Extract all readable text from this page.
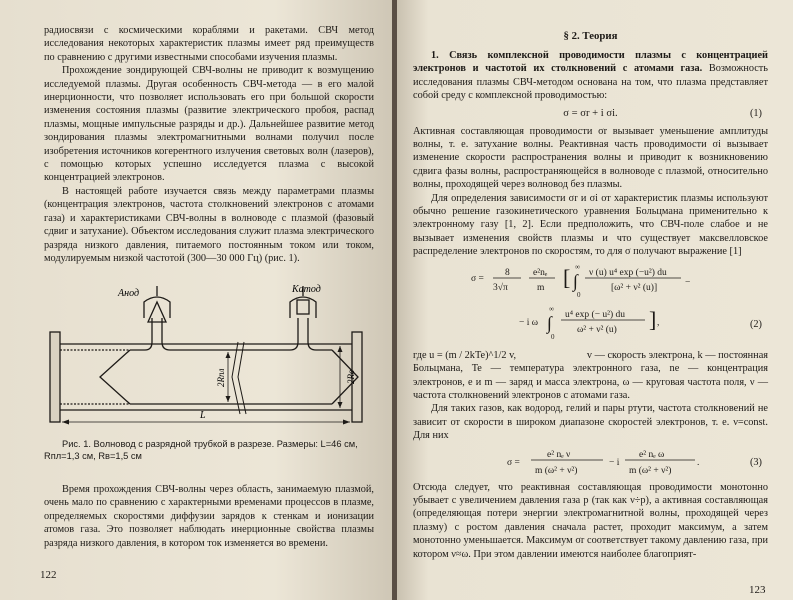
радиосвязи с космическими кораблями и ракетами. СВЧ метод исследования некоторых характеристик плазмы имеет ряд преимуществ по сравнению с другими известными способами изучения плазмы.

Прохождение зондирующей СВЧ-волны не приводит к возмущению исследуемой плазмы. Другая особенность СВЧ-метода — в его малой инерционности, что позволяет использовать его при большой скорости изменения состояния плазмы (развитие электрического пробоя, распад плазмы, мощные импульсные разряды и др.). Дальнейшее развитие метод зондирования плазмы электромагнитными волнами получил после изобретения источников когерентного излучения световых волн (лазеров), с помощью которых успешно исследуется плазма с высокой концентрацией электронов.

В настоящей работе изучается связь между параметрами плазмы (концентрация электронов, частота столкновений электронов с атомами газа) и характеристиками СВЧ-волны в волноводе с плазмой (фазовый сдвиг и затухание). Объектом исследования служит плазма электрического разряда низкого давления, питаемого постоянным током или током, модулируемым низкой частотой (300—30 000 Гц) (рис. 1).

Анод	Катод
2Rпл	2Rв
L

Рис. 1. Волновод с разрядной трубкой в разрезе. Размеры: L=46 см,

Rпл=1,3 см, Rв=1,5 см

Время прохождения СВЧ-волны через область, занимаемую плазмой, очень мало по сравнению с характерными временами процессов в плазме, определяемых скоростями диффузии зарядов к стенкам и ионизации атомов газа. Это позволяет наблюдать инерционные свойства плазмы разряда низкого давления, в котором ток изменяется во времени.

122

§ 2. Теория

1. Связь комплексной проводимости плазмы с концентрацией электронов и частотой их столкновений с атомами газа. Возможность исследования плазмы СВЧ-методом основана на том, что плазма представляет собой среду с комплексной проводимостью:

σ = σr + i σi.	(1)

Активная составляющая проводимости σr вызывает уменьшение амплитуды волны, т. е. затухание волны. Реактивная часть проводимости σi вызывает изменение скорости распространения волны и приводит к возникновению сдвига фазы волны, распространяющейся в волноводе с плазмой, относительно волны, проходящей через волновод без плазмы.

Для определения зависимости σr и σi от характеристик плазмы используют обычно решение газокинетического уравнения Больцмана применительно к электронному газу [1, 2]. Если предположить, что СВЧ-поле слабое и не вызывает изменения свойств плазмы и что существует максвелловское распределение электронов по скоростям, то для σ получают выражение [1]

σ =
8
3√π
e²nₑ
m [ ∫
∞
0
ν (u) u⁴ exp (−u²) du
[ω² + ν² (u)]	−
− i ω ∫
∞
0
u⁴ exp (− u²) du
ω² + ν² (u) ] ,	(2)

где u = (m / 2kTe)^1/2 v,	v — скорость электрона, k — постоянная

Больцмана, Te — температура электронного газа, ne — концентрация электронов, e и m — заряд и масса электрона, ω — круговая частота поля, ν — частота столкновений электронов с атомами газа.

Для таких газов, как водород, гелий и пары ртути, частота столкновений не зависит от скорости в широком диапазоне скоростей электронов, т. е. ν=const. Для них

σ =
e² nₑ ν
m (ω² + ν²)
− i
e² nₑ ω
m (ω² + ν²)
.	(3)

Отсюда следует, что реактивная составляющая проводимости монотонно убывает с увеличением давления газа p (так как ν÷p), а активная составляющая (определяющая потери энергии электромагнитной волны, проходящей через плазму) с ростом давления сначала растет, проходит максимум, а затем монотонно уменьшается. Максимум σr соответствует такому давлению газа, при котором ν≈ω. При этом давлении имеются наиболее благоприят-

123
